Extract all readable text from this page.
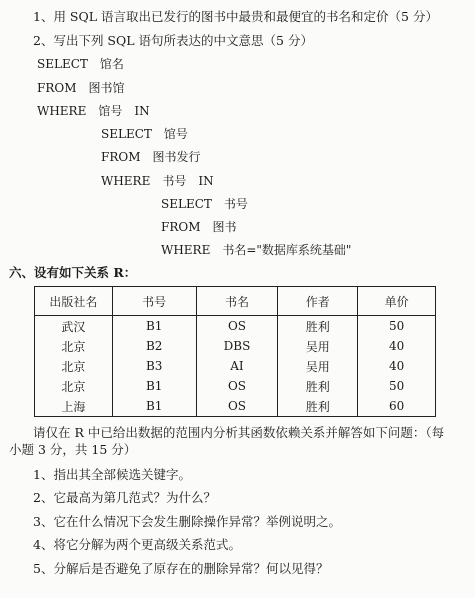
1、用 SQL 语言取出已发行的图书中最贵和最便宜的书名和定价（5 分）
2、写出下列 SQL 语句所表达的中文意思（5 分）
SELECT　馆名
FROM　图书馆
WHERE　馆号　IN
SELECT　馆号
FROM　图书发行
WHERE　书号　IN
SELECT　书号
FROM　图书
WHERE　书名="数据库系统基础"
六、设有如下关系 R：
出版社名	书号	书名	作者	单价
武汉	B1	OS	胜利	50
北京	B2	DBS	吴用	40
北京	B3	AI	吴用	40
北京	B1	OS	胜利	50
上海	B1	OS	胜利	60
请仅在 R 中已给出数据的范围内分析其函数依赖关系并解答如下问题：（每
小题 3 分，共 15 分）
1、指出其全部候选关键字。
2、它最高为第几范式？为什么？
3、它在什么情况下会发生删除操作异常？举例说明之。
4、将它分解为两个更高级关系范式。
5、分解后是否避免了原存在的删除异常？何以见得？
